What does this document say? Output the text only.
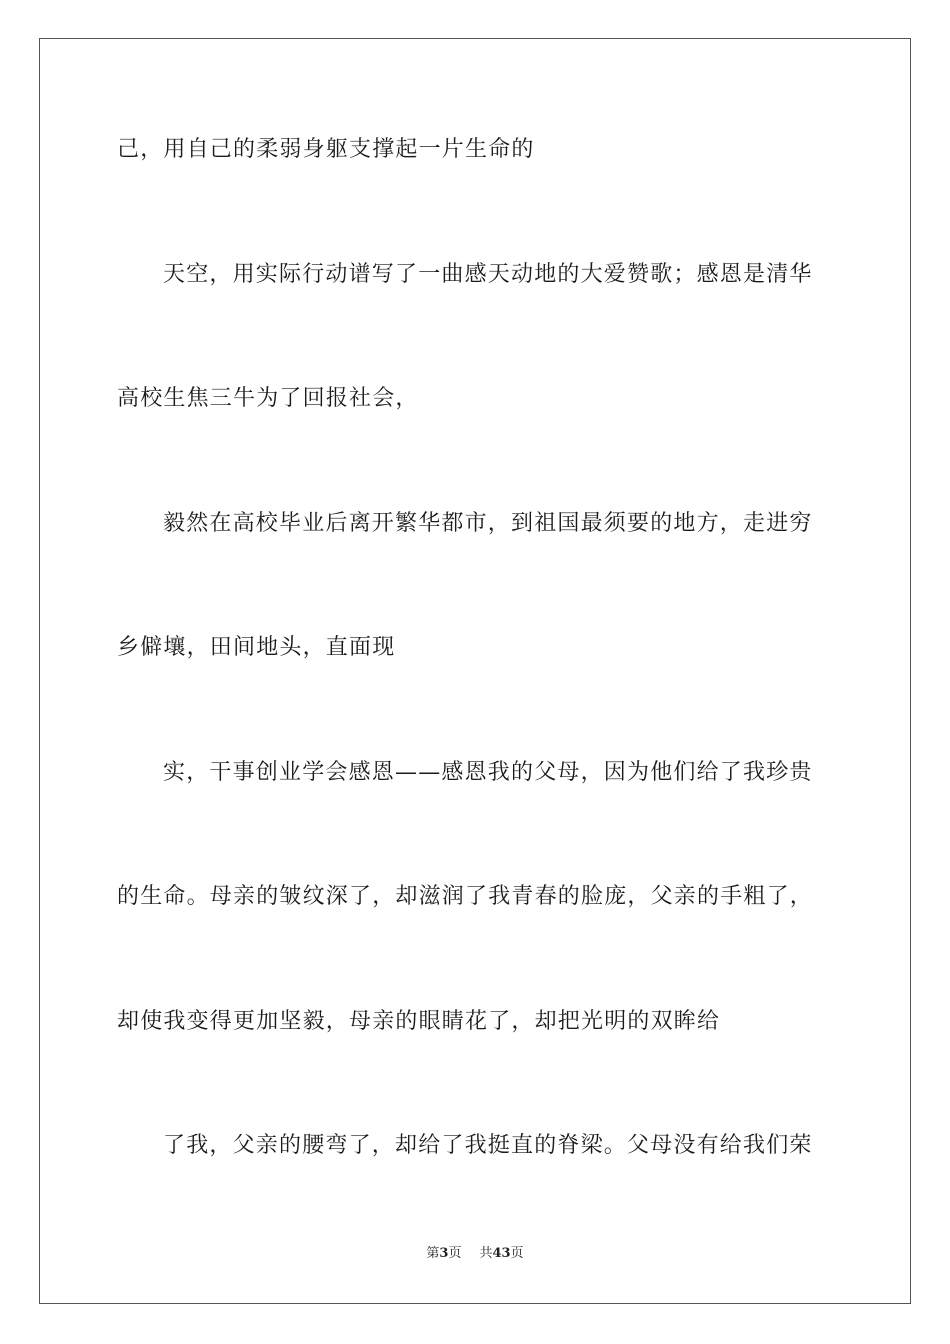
己，用自己的柔弱身躯支撑起一片生命的
天空，用实际行动谱写了一曲感天动地的大爱赞歌；感恩是清华
高校生焦三牛为了回报社会，
毅然在高校毕业后离开繁华都市，到祖国最须要的地方，走进穷
乡僻壤，田间地头，直面现
实，干事创业学会感恩——感恩我的父母，因为他们给了我珍贵
的生命。母亲的皱纹深了，却滋润了我青春的脸庞，父亲的手粗了，
却使我变得更加坚毅，母亲的眼睛花了，却把光明的双眸给
了我，父亲的腰弯了，却给了我挺直的脊梁。父母没有给我们荣
第3页 共43页
